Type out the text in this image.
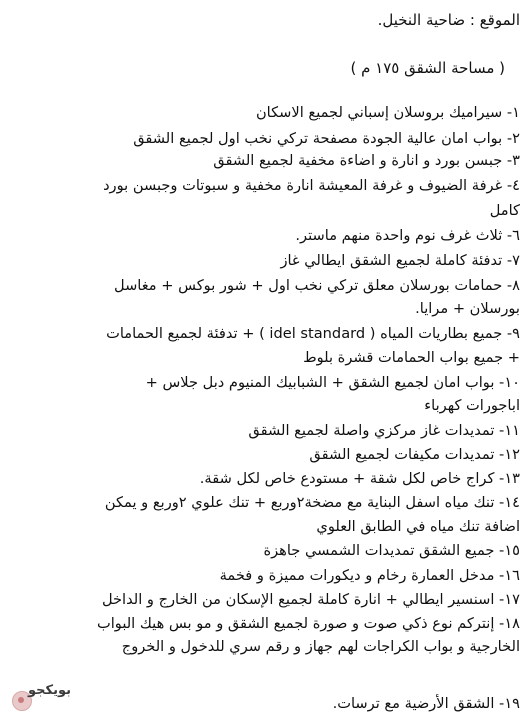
الموقع : ضاحية النخيل.
( مساحة الشقق ١٧٥ م )
١- سيراميك بروسلان إسباني لجميع الاسكان
٢- بواب امان عالية الجودة مصفحة تركي نخب اول لجميع الشقق
٣- جبسن بورد و انارة و اضاءة مخفية لجميع الشقق
٤- غرفة الضيوف و غرفة المعيشة انارة مخفية و سبوتات وجبسن بورد
كامل
٦- ثلاث غرف نوم واحدة منهم ماستر.
٧- تدفئة كاملة لجميع الشقق ايطالي غاز
٨- حمامات بورسلان معلق تركي نخب اول + شور بوكس + مغاسل
بورسلان + مرايا.
٩- جميع بطاريات المياه ( idel standard ) + تدفئة لجميع الحمامات
+ جميع بواب الحمامات قشرة بلوط
١٠- بواب امان لجميع الشقق + الشبابيك المنيوم دبل جلاس +
اباجورات كهرباء
١١- تمديدات غاز مركزي واصلة لجميع الشقق
١٢- تمديدات مكيفات لجميع الشقق
١٣- كراج خاص لكل شقة + مستودع خاص لكل شقة.
١٤- تنك مياه اسفل البناية مع مضخة٢وربع + تنك علوي ٢وربع و يمكن
اضافة تنك مياه في الطابق العلوي
١٥- جميع الشقق تمديدات الشمسي جاهزة
١٦- مدخل العمارة رخام و ديكورات مميزة و فخمة
١٧- اسنسير ايطالي + انارة كاملة لجميع الإسكان من الخارج و الداخل
١٨- إنتركم نوع ذكي صوت و صورة لجميع الشقق و مو بس هيك البواب
الخارجية و بواب الكراجات لهم جهاز و رقم سري للدخول و الخروج
١٩- الشقق الأرضية مع ترسات.
بويكجو
